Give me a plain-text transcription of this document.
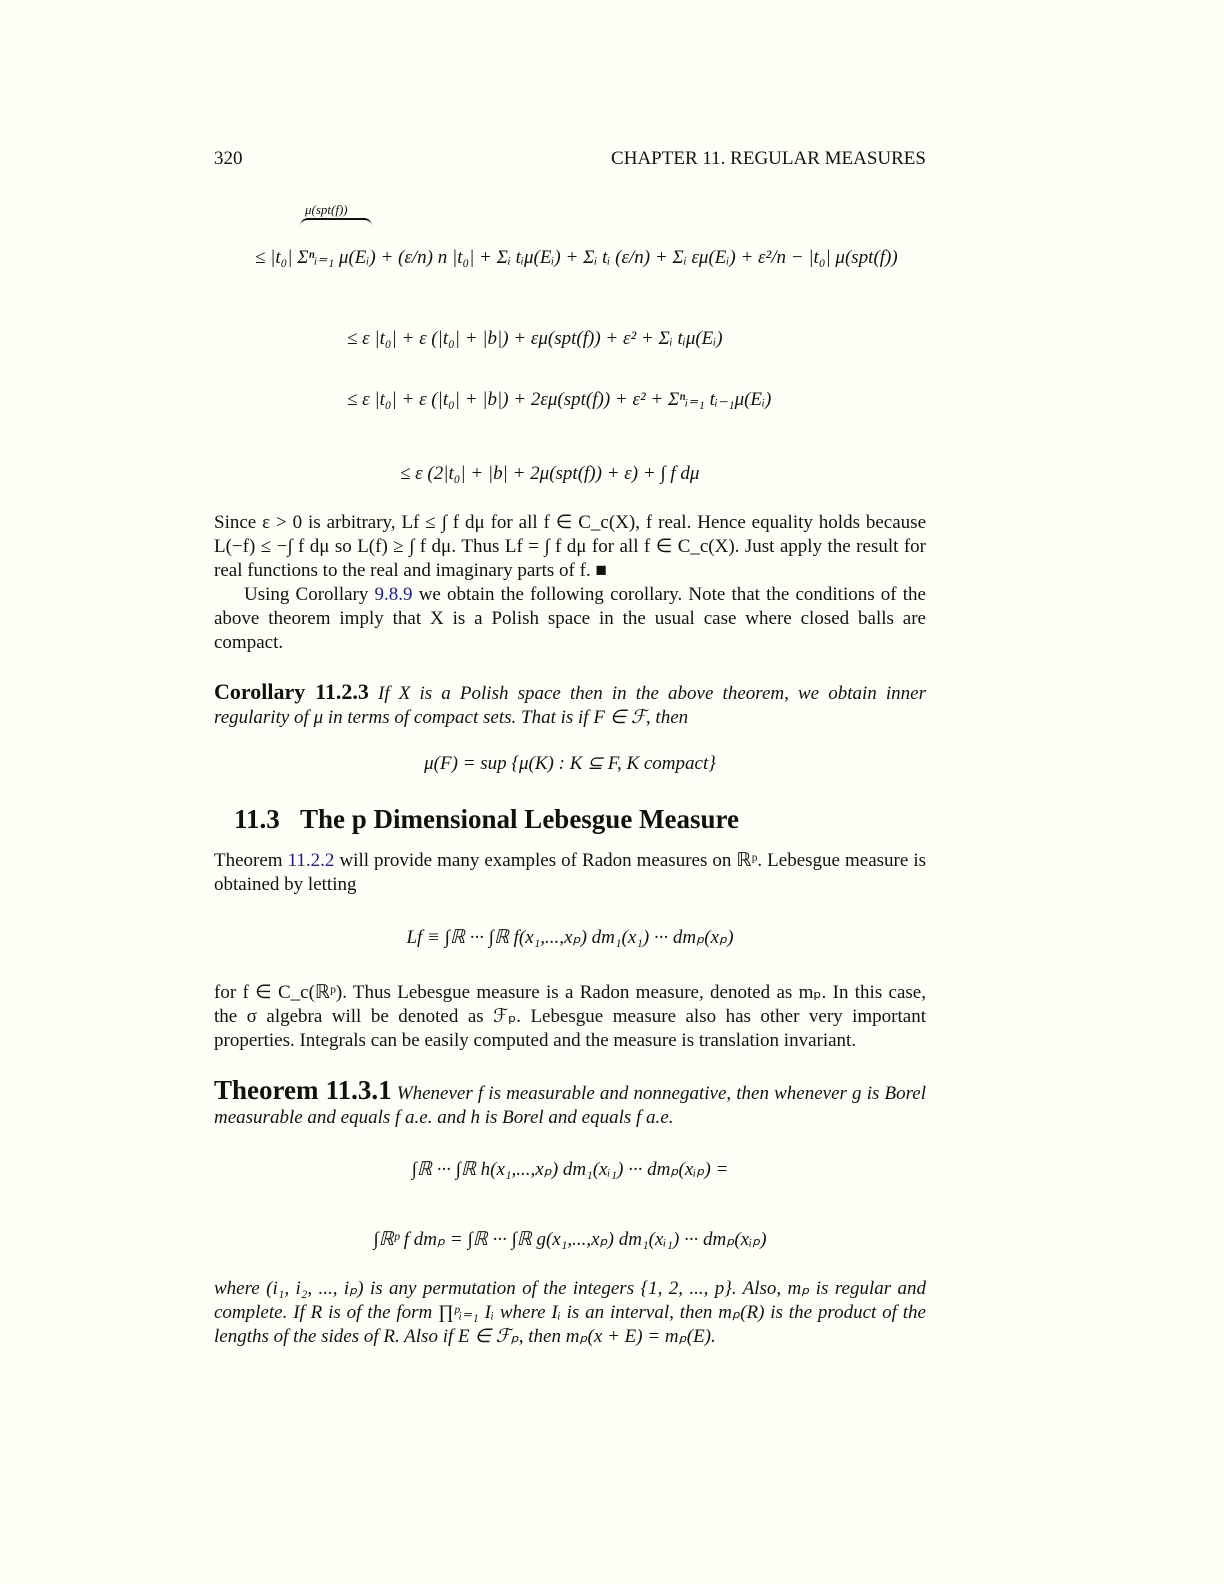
320	CHAPTER 11. REGULAR MEASURES
μ(spt(f))
≤ |t₀| Σⁿᵢ₌₁ μ(Eᵢ) + (ε/n) n |t₀| + Σᵢ tᵢμ(Eᵢ) + Σᵢ tᵢ (ε/n) + Σᵢ εμ(Eᵢ) + ε²/n − |t₀| μ(spt(f))
≤ ε |t₀| + ε (|t₀| + |b|) + εμ(spt(f)) + ε² + Σᵢ tᵢμ(Eᵢ)
≤ ε |t₀| + ε (|t₀| + |b|) + 2εμ(spt(f)) + ε² + Σⁿᵢ₌₁ tᵢ₋₁μ(Eᵢ)
≤ ε (2|t₀| + |b| + 2μ(spt(f)) + ε) + ∫ f dμ
Since ε > 0 is arbitrary, Lf ≤ ∫ f dμ for all f ∈ C_c(X), f real. Hence equality holds because L(−f) ≤ −∫ f dμ so L(f) ≥ ∫ f dμ. Thus Lf = ∫ f dμ for all f ∈ C_c(X). Just apply the result for real functions to the real and imaginary parts of f. ■
Using Corollary 9.8.9 we obtain the following corollary. Note that the conditions of the above theorem imply that X is a Polish space in the usual case where closed balls are compact.
Corollary 11.2.3 If X is a Polish space then in the above theorem, we obtain inner regularity of μ in terms of compact sets. That is if F ∈ ℱ, then
μ(F) = sup {μ(K) : K ⊆ F, K compact}
11.3 The p Dimensional Lebesgue Measure
Theorem 11.2.2 will provide many examples of Radon measures on ℝᵖ. Lebesgue measure is obtained by letting
Lf ≡ ∫ℝ ··· ∫ℝ f(x₁,...,xₚ) dm₁(x₁) ··· dmₚ(xₚ)
for f ∈ C_c(ℝᵖ). Thus Lebesgue measure is a Radon measure, denoted as mₚ. In this case, the σ algebra will be denoted as ℱₚ. Lebesgue measure also has other very important properties. Integrals can be easily computed and the measure is translation invariant.
Theorem 11.3.1 Whenever f is measurable and nonnegative, then whenever g is Borel measurable and equals f a.e. and h is Borel and equals f a.e.
∫ℝ ··· ∫ℝ h(x₁,...,xₚ) dm₁(xᵢ₁) ··· dmₚ(xᵢₚ) =
∫ℝᵖ f dmₚ = ∫ℝ ··· ∫ℝ g(x₁,...,xₚ) dm₁(xᵢ₁) ··· dmₚ(xᵢₚ)
where (i₁, i₂, ..., iₚ) is any permutation of the integers {1, 2, ..., p}. Also, mₚ is regular and complete. If R is of the form ∏ᵖᵢ₌₁ Iᵢ where Iᵢ is an interval, then mₚ(R) is the product of the lengths of the sides of R. Also if E ∈ ℱₚ, then mₚ(x + E) = mₚ(E).
